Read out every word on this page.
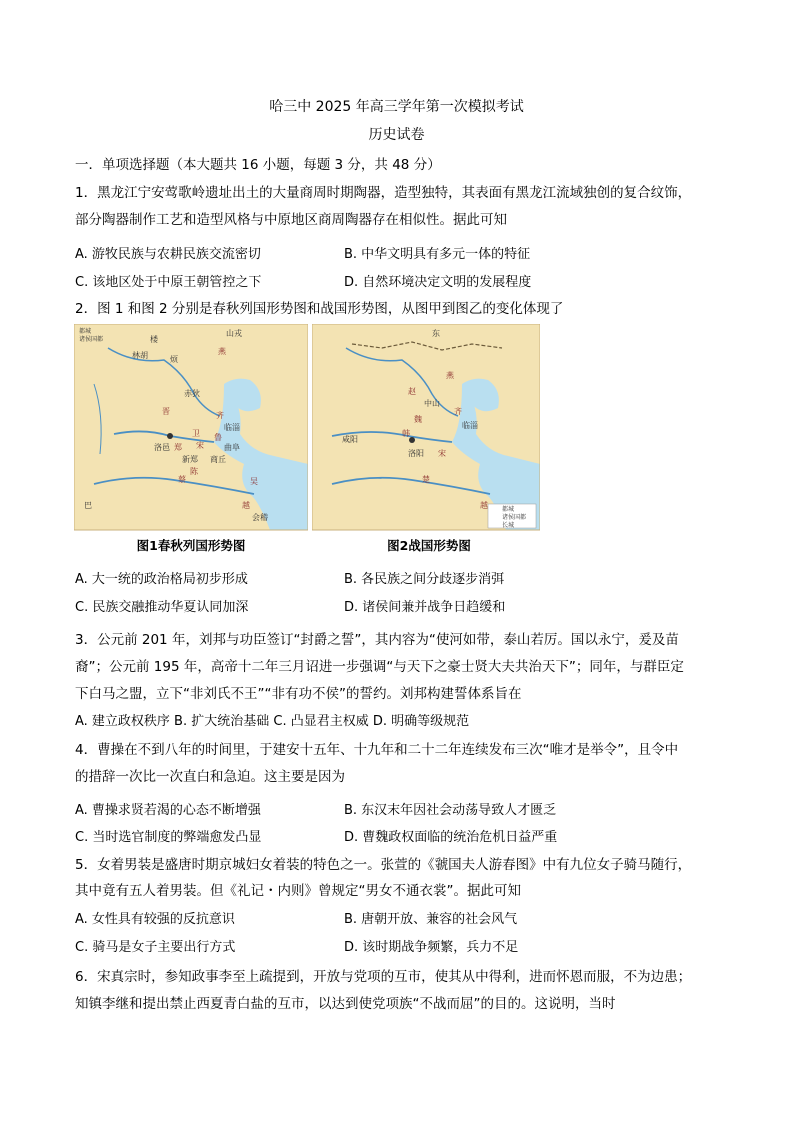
哈三中 2025 年高三学年第一次模拟考试
历史试卷
一．单项选择题（本大题共 16 小题，每题 3 分，共 48 分）
1．黑龙江宁安莺歌岭遗址出土的大量商周时期陶器，造型独特，其表面有黑龙江流域独创的复合纹饰，
部分陶器制作工艺和造型风格与中原地区商周陶器存在相似性。据此可知
A. 游牧民族与农耕民族交流密切	B. 中华文明具有多元一体的特征
C. 该地区处于中原王朝管控之下	D. 自然环境决定文明的发展程度
2．图 1 和图 2 分别是春秋列国形势图和战国形势图，从图甲到图乙的变化体现了
都城
诸侯国都
山戎
楼
林胡	烦
燕
赤狄
晋	齐
临淄
曲阜
鲁
卫
宋
新郑 商丘
洛邑 郑
陈
蔡	吴
越
会稽
巴
图1春秋列国形势图
都城
诸侯国都
长城
东
燕
赵
中山
齐
临淄
魏
韩
洛阳
咸阳
楚
宋
越
图2战国形势图
A. 大一统的政治格局初步形成	B. 各民族之间分歧逐步消弭
C. 民族交融推动华夏认同加深	D. 诸侯间兼并战争日趋缓和
3．公元前 201 年，刘邦与功臣签订“封爵之誓”，其内容为“使河如带，泰山若厉。国以永宁，爰及苗
裔”；公元前 195 年，高帝十二年三月诏进一步强调“与天下之豪士贤大夫共治天下”；同年，与群臣定
下白马之盟，立下“非刘氏不王”“非有功不侯”的誓约。刘邦构建誓体系旨在
A. 建立政权秩序 B. 扩大统治基础 C. 凸显君主权威 D. 明确等级规范
4．曹操在不到八年的时间里，于建安十五年、十九年和二十二年连续发布三次“唯才是举令”，且令中
的措辞一次比一次直白和急迫。这主要是因为
A. 曹操求贤若渴的心态不断增强	B. 东汉末年因社会动荡导致人才匮乏
C. 当时选官制度的弊端愈发凸显	D. 曹魏政权面临的统治危机日益严重
5．女着男装是盛唐时期京城妇女着装的特色之一。张萱的《虢国夫人游春图》中有九位女子骑马随行，
其中竟有五人着男装。但《礼记・内则》曾规定“男女不通衣裳”。据此可知
A. 女性具有较强的反抗意识	B. 唐朝开放、兼容的社会风气
C. 骑马是女子主要出行方式	D. 该时期战争频繁，兵力不足
6．宋真宗时，参知政事李至上疏提到，开放与党项的互市，使其从中得利，进而怀恩而服，不为边患；
知镇李继和提出禁止西夏青白盐的互市，以达到使党项族“不战而屈”的目的。这说明，当时
